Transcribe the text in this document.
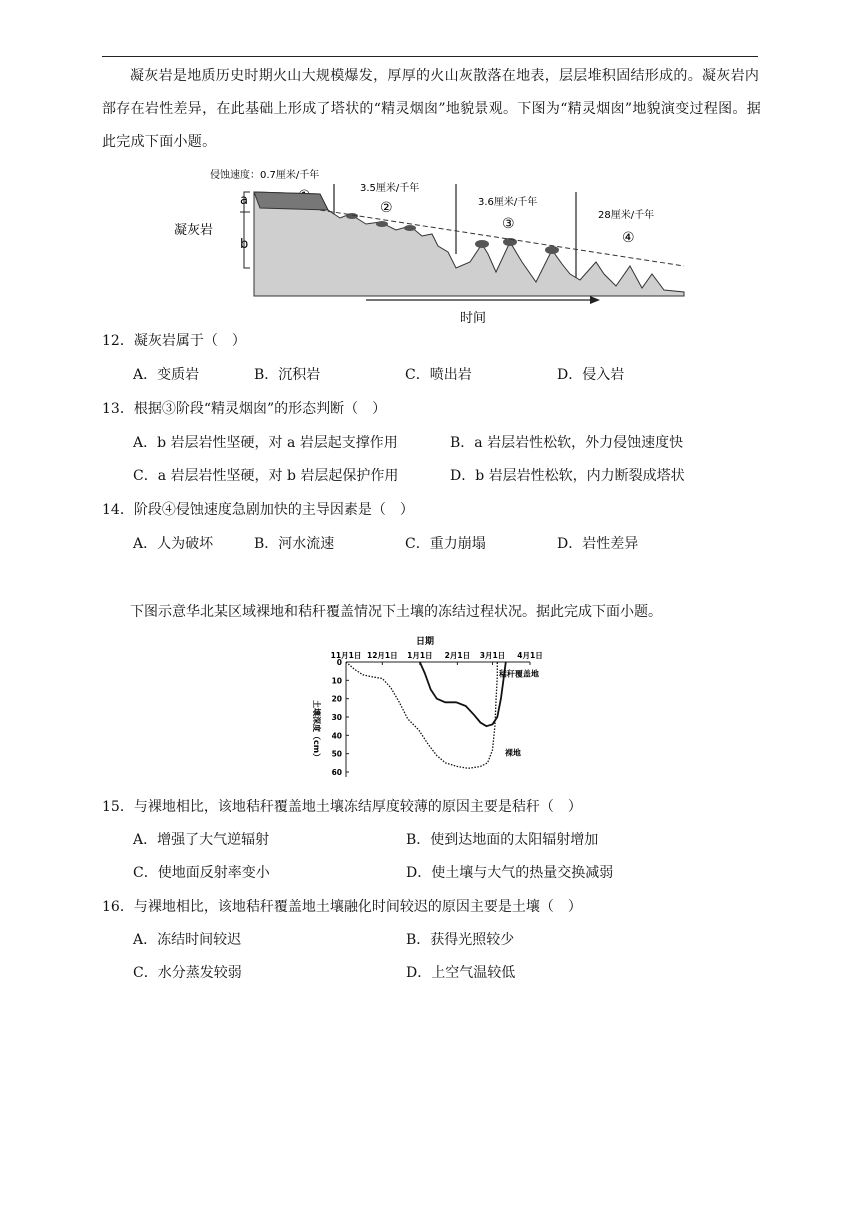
凝灰岩是地质历史时期火山大规模爆发，厚厚的火山灰散落在地表，层层堆积固结形成的。凝灰岩内部存在岩性差异，在此基础上形成了塔状的“精灵烟囱”地貌景观。下图为“精灵烟囱”地貌演变过程图。据此完成下面小题。

侵蚀速度：0.7厘米/千年
3.5厘米/千年
②	3.6厘米/千年
③
28厘米/千年
④
凝灰岩
a
b
时间
12．凝灰岩属于（　）
A．变质岩	B．沉积岩	C．喷出岩	D．侵入岩
13．根据③阶段“精灵烟囱”的形态判断（　）
A．b 岩层岩性坚硬，对 a 岩层起支撑作用	B．a 岩层岩性松软，外力侵蚀速度快
C．a 岩层岩性坚硬，对 b 岩层起保护作用	D．b 岩层岩性松软，内力断裂成塔状
14．阶段④侵蚀速度急剧加快的主导因素是（　）
A．人为破坏	B．河水流速	C．重力崩塌	D．岩性差异
下图示意华北某区域裸地和秸秆覆盖情况下土壤的冻结过程状况。据此完成下面小题。
日期
11月1日 12月1日 1月1日 2月1日 3月1日 4月1日
0
10
20
30
40
50
60
土壤深度（cm）
秸秆覆盖地
裸地
15．与裸地相比，该地秸秆覆盖地土壤冻结厚度较薄的原因主要是秸秆（　）
A．增强了大气逆辐射	B．使到达地面的太阳辐射增加
C．使地面反射率变小	D．使土壤与大气的热量交换减弱
16．与裸地相比，该地秸秆覆盖地土壤融化时间较迟的原因主要是土壤（　）
A．冻结时间较迟	B．获得光照较少
C．水分蒸发较弱	D．上空气温较低
